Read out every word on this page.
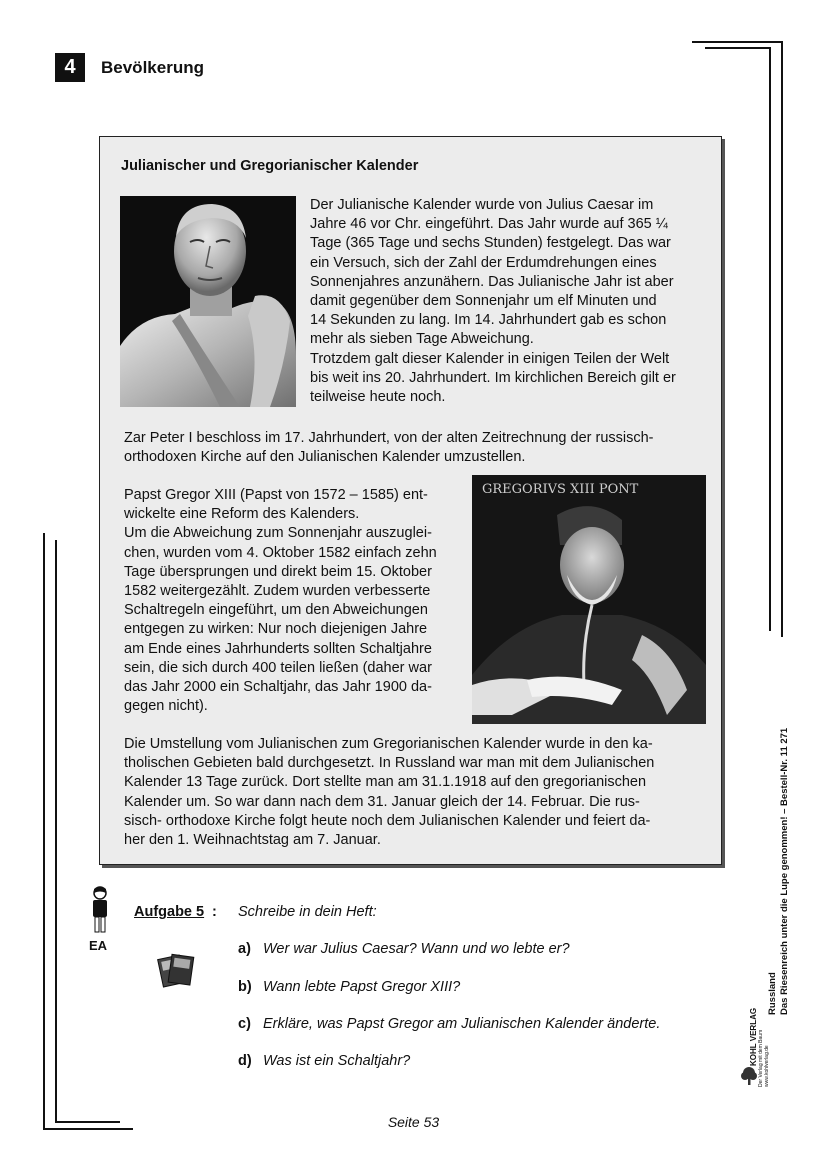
4	Bevölkerung
Julianischer und Gregorianischer Kalender

Der Julianische Kalender wurde von Julius Caesar im
Jahre 46 vor Chr. eingeführt. Das Jahr wurde auf 365 ¼
Tage (365 Tage und sechs Stunden) festgelegt. Das war
ein Versuch, sich der Zahl der Erdumdrehungen eines
Sonnenjahres anzunähern. Das Julianische Jahr ist aber
damit gegenüber dem Sonnenjahr um elf Minuten und
14 Sekunden zu lang. Im 14. Jahrhundert gab es schon
mehr als sieben Tage Abweichung.
Trotzdem galt dieser Kalender in einigen Teilen der Welt
bis weit ins 20. Jahrhundert. Im kirchlichen Bereich gilt er
teilweise heute noch.

Zar Peter I beschloss im 17. Jahrhundert, von der alten Zeitrechnung der russisch-
orthodoxen Kirche auf den Julianischen Kalender umzustellen.

Papst Gregor XIII (Papst von 1572 – 1585) ent-
wickelte eine Reform des Kalenders.
Um die Abweichung zum Sonnenjahr auszuglei-
chen, wurden vom 4. Oktober 1582 einfach zehn
Tage übersprungen und direkt beim 15. Oktober
1582 weitergezählt. Zudem wurden verbesserte
Schaltregeln eingeführt, um den Abweichungen
entgegen zu wirken: Nur noch diejenigen Jahre
am Ende eines Jahrhunderts sollten Schaltjahre
sein, die sich durch 400 teilen ließen (daher war
das Jahr 2000 ein Schaltjahr, das Jahr 1900 da-
gegen nicht).

GREGORIVS XIII PONT

Die Umstellung vom Julianischen zum Gregorianischen Kalender wurde in den ka-
tholischen Gebieten bald durchgesetzt. In Russland war man mit dem Julianischen
Kalender 13 Tage zurück. Dort stellte man am 31.1.1918 auf den gregorianischen
Kalender um. So war dann nach dem 31. Januar gleich der 14. Februar. Die rus-
sisch- orthodoxe Kirche folgt heute noch dem Julianischen Kalender und feiert da-
her den 1. Weihnachtstag am 7. Januar.

EA
Aufgabe 5 : Schreibe in dein Heft:
a) Wer war Julius Caesar? Wann und wo lebte er?
b) Wann lebte Papst Gregor XIII?
c) Erkläre, was Papst Gregor am Julianischen Kalender änderte.
d) Was ist ein Schaltjahr?
Russland Das Riesenreich unter die Lupe genommen! – Bestell-Nr. 11 271
KOHL VERLAG Der Verlag mit dem Baum www.kohlverlag.de
Seite 53
